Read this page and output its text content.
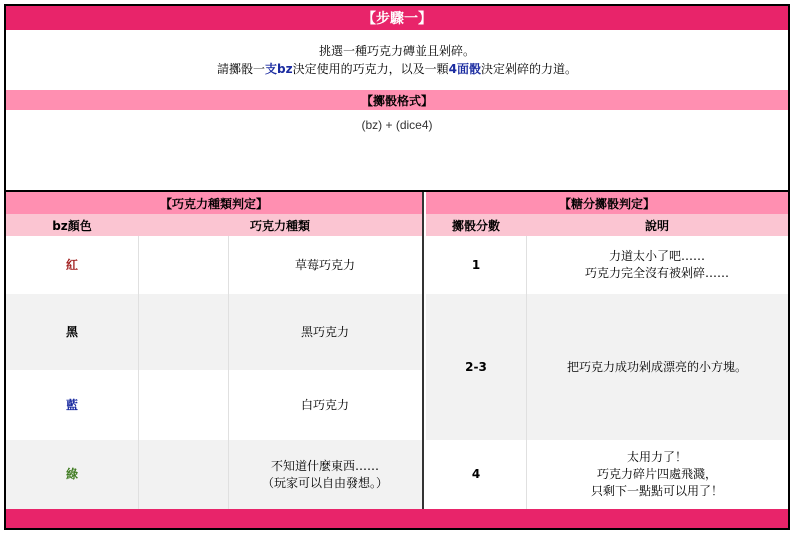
【步驟一】
挑選一種巧克力磚並且剁碎。
請擲骰一支bz決定使用的巧克力，以及一顆4面骰決定剁碎的力道。
【擲骰格式】
(bz) + (dice4)
【巧克力種類判定】
bz顏色	巧克力種類
紅
黑
藍
綠
草莓巧克力
黑巧克力
白巧克力
不知道什麼東西……
（玩家可以自由發想。）
【糖分擲骰判定】
擲骰分數	說明
1
2-3
4
力道太小了吧……
巧克力完全沒有被剁碎……
把巧克力成功剁成漂亮的小方塊。
太用力了！
巧克力碎片四處飛濺，
只剩下一點點可以用了！
